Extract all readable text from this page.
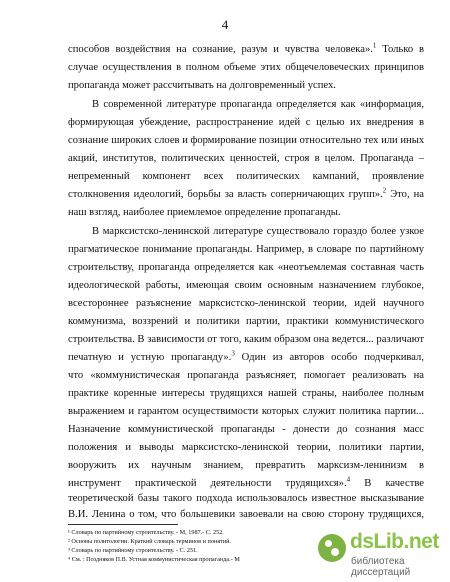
4
способов воздействия на сознание, разум и чувства человека».$^1$ Только в
случае осуществления в полном объеме этих общечеловеческих принципов
пропаганда может рассчитывать на долговременный успех.
В современной литературе пропаганда определяется как «информация,
формирующая убеждение, распространение идей с целью их внедрения в
сознание широких слоев и формирование позиции относительно тех или иных
акций, институтов, политических ценностей, строя в целом. Пропаганда –
непременный компонент всех политических кампаний, проявление
столкновения идеологий, борьбы за власть соперничающих групп».$^2$ Это, на
наш взгляд, наиболее приемлемое определение пропаганды.
В марксистско-ленинской литературе существовало гораздо более узкое
прагматическое понимание пропаганды. Например, в словаре по партийному
строительству, пропаганда определяется как «неотъемлемая составная часть
идеологической работы, имеющая своим основным назначением глубокое,
всестороннее разъяснение марксистско-ленинской теории, идей научного
коммунизма, воззрений и политики партии, практики коммунистического
строительства. В зависимости от того, каким образом она ведется... различают
печатную и устную пропаганду».$^3$ Один из авторов особо подчеркивал,
что «коммунистическая пропаганда разъясняет, помогает реализовать на
практике коренные интересы трудящихся нашей страны, наиболее полным
выражением и гарантом осуществимости которых служит политика партии...
Назначение коммунистической пропаганды - донести до сознания масс
положения и выводы марксистско-ленинской теории, политики партии,
вооружить их научным знанием, превратить марксизм-ленинизм в
инструмент практической деятельности трудящихся».$^4$ В качестве
теоретической базы такого подхода использовалось известное высказывание
В.И. Ленина о том, что большевики завоевали на свою сторону трудящихся,
¹ Словарь по партийному строительству. - М, 1987.- С. 252.
² Основы политологии. Краткий словарь терминов и понятий.
³ Словарь по партийному строительству. - С. 251.
⁴ См. : Поздняков П.В. Устная коммунистическая пропаганда.- М
dsLib.net
библиотека диссертаций
